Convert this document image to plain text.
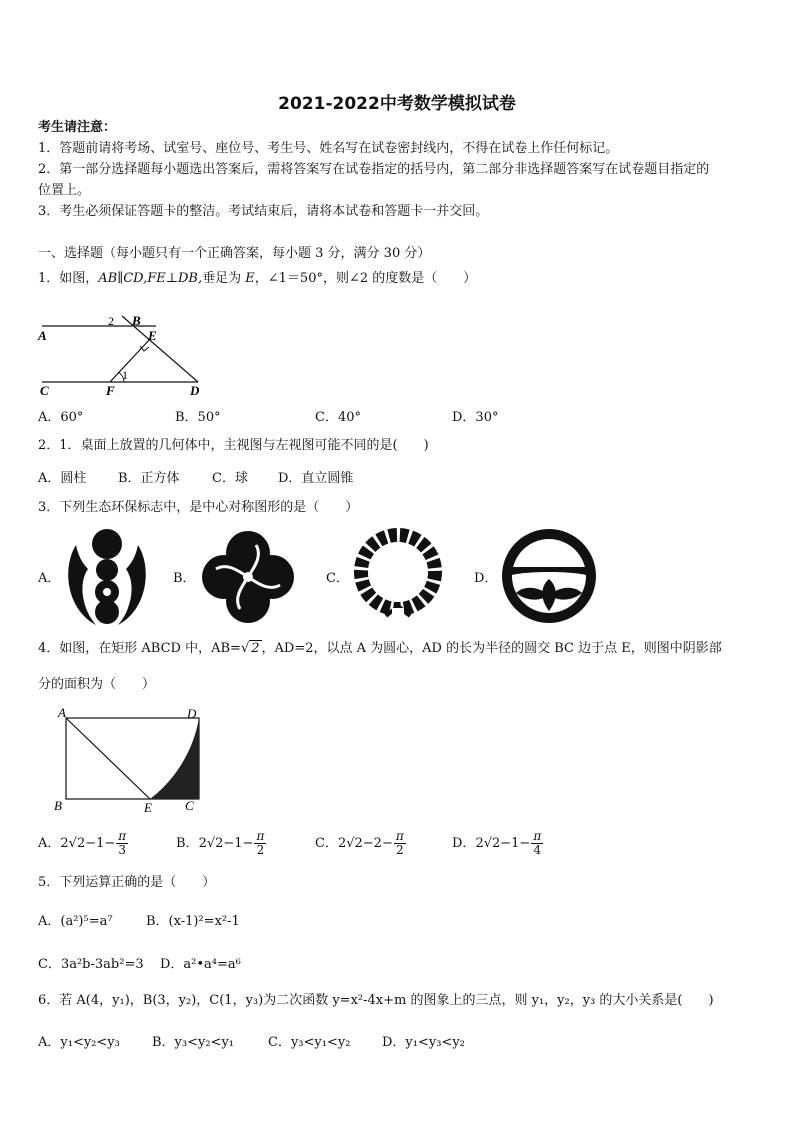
2021-2022中考数学模拟试卷
考生请注意：
1．答题前请将考场、试室号、座位号、考生号、姓名写在试卷密封线内，不得在试卷上作任何标记。
2．第一部分选择题每小题选出答案后，需将答案写在试卷指定的括号内，第二部分非选择题答案写在试卷题目指定的
位置上。
3．考生必须保证答题卡的整洁。考试结束后，请将本试卷和答题卡一并交回。
一、选择题（每小题只有一个正确答案，每小题 3 分，满分 30 分）
1．如图，AB∥CD,FE⊥DB,垂足为 E，∠1＝50°，则∠2 的度数是（　　）
A
B
2
E
C	F
1
D
A．60°	B．50°	C．40°	D．30°
2．1．桌面上放置的几何体中，主视图与左视图可能不同的是(　　)
A．圆柱 B．正方体 C．球 D．直立圆锥
3．下列生态环保标志中，是中心对称图形的是（　　）
A．	B．	C．	D．
4．如图，在矩形 ABCD 中，AB=√ 2 ，AD=2，以点 A 为圆心，AD 的长为半径的圆交 BC 边于点 E，则图中阴影部
分的面积为（　　）
A	D
B	E	C
A．$2√2-1- \frac{\pi}{3}$	B．$2√2-1- \frac{\pi}{2}$	C．$2√2-2- \frac{\pi}{2}$	D．$2√2-1- \frac{\pi}{4}$
5．下列运算正确的是（　　）
A．(a²)⁵=a⁷	B．(x-1)²=x²-1
C．3a²b-3ab²=3 D．a²•a⁴=a⁶
6．若 A(4，y₁)，B(3，y₂)，C(1，y₃)为二次函数 y=x²-4x+m 的图象上的三点，则 y₁，y₂，y₃ 的大小关系是(　　)
A．y₁<y₂<y₃ B．y₃<y₂<y₁	C．y₃<y₁<y₂ D．y₁<y₃<y₂
